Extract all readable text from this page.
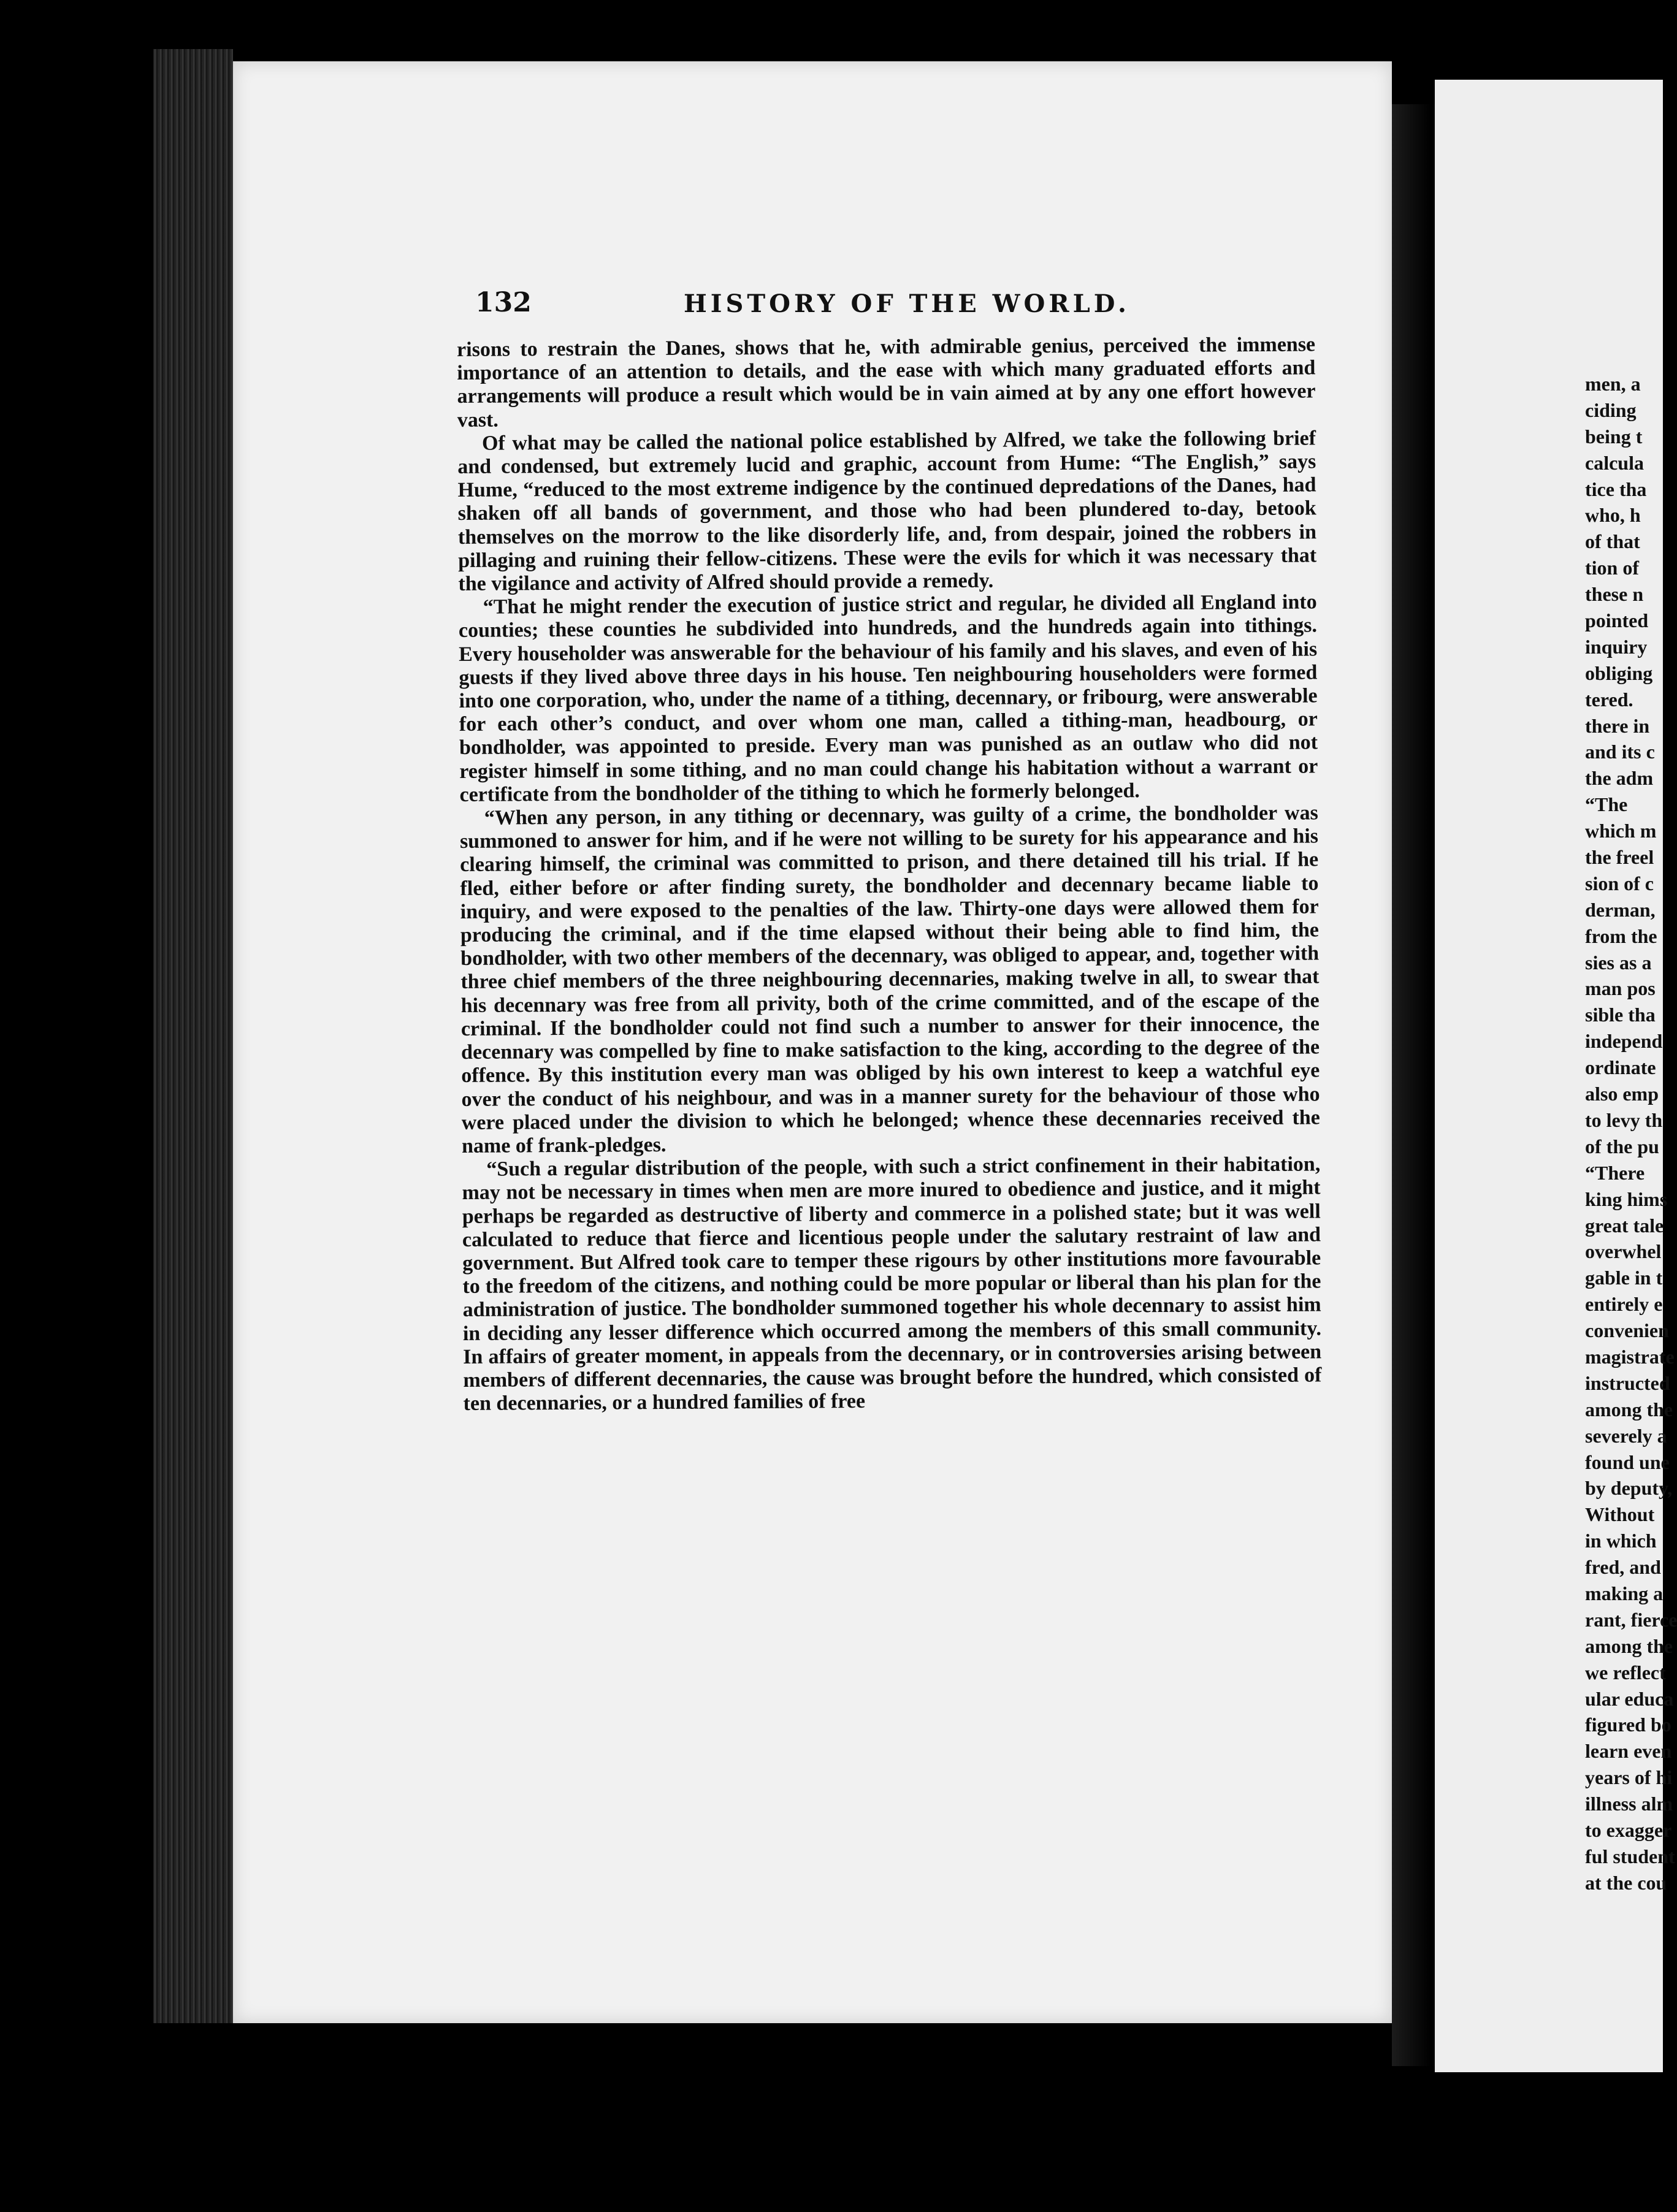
132	HISTORY OF THE WORLD.

risons to restrain the Danes, shows that he, with admirable genius, perceived the immense importance of an attention to details, and the ease with which many graduated efforts and arrangements will produce a result which would be in vain aimed at by any one effort however vast.

Of what may be called the national police established by Alfred, we take the following brief and condensed, but extremely lucid and graphic, account from Hume: “The English,” says Hume, “reduced to the most extreme indigence by the continued depredations of the Danes, had shaken off all bands of government, and those who had been plundered to-day, betook themselves on the morrow to the like disorderly life, and, from despair, joined the robbers in pillaging and ruining their fellow-citizens. These were the evils for which it was necessary that the vigilance and activity of Alfred should provide a remedy.

“That he might render the execution of justice strict and regular, he divided all England into counties; these counties he subdivided into hundreds, and the hundreds again into tithings. Every householder was answerable for the behaviour of his family and his slaves, and even of his guests if they lived above three days in his house. Ten neighbouring householders were formed into one corporation, who, under the name of a tithing, decennary, or fribourg, were answerable for each other’s conduct, and over whom one man, called a tithing-man, headbourg, or bondholder, was appointed to preside. Every man was punished as an outlaw who did not register himself in some tithing, and no man could change his habitation without a warrant or certificate from the bondholder of the tithing to which he formerly belonged.

“When any person, in any tithing or decennary, was guilty of a crime, the bondholder was summoned to answer for him, and if he were not willing to be surety for his appearance and his clearing himself, the criminal was committed to prison, and there detained till his trial. If he fled, either before or after finding surety, the bondholder and decennary became liable to inquiry, and were exposed to the penalties of the law. Thirty-one days were allowed them for producing the criminal, and if the time elapsed without their being able to find him, the bondholder, with two other members of the decennary, was obliged to appear, and, together with three chief members of the three neighbouring decennaries, making twelve in all, to swear that his decennary was free from all privity, both of the crime committed, and of the escape of the criminal. If the bondholder could not find such a number to answer for their innocence, the decennary was compelled by fine to make satisfaction to the king, according to the degree of the offence. By this institution every man was obliged by his own interest to keep a watchful eye over the conduct of his neighbour, and was in a manner surety for the behaviour of those who were placed under the division to which he belonged; whence these decennaries received the name of frank-pledges.

“Such a regular distribution of the people, with such a strict confinement in their habitation, may not be necessary in times when men are more inured to obedience and justice, and it might perhaps be regarded as destructive of liberty and commerce in a polished state; but it was well calculated to reduce that fierce and licentious people under the salutary restraint of law and government. But Alfred took care to temper these rigours by other institutions more favourable to the freedom of the citizens, and nothing could be more popular or liberal than his plan for the administration of justice. The bondholder summoned together his whole decennary to assist him in deciding any lesser difference which occurred among the members of this small community. In affairs of greater moment, in appeals from the decennary, or in controversies arising between members of different decennaries, the cause was brought before the hundred, which consisted of ten decennaries, or a hundred families of free

men, a
ciding
being t
calcula
tice tha
who, h
of that
tion of
these n
pointed
inquiry
obliging
tered.
there in
and its c
the adm
“The
which m
the freel
sion of c
derman,
from the
sies as a
man pos
sible tha
independ
ordinate
also emp
to levy th
of the pu
“There
king hims
great tale
overwhel
gable in t
entirely e
convenien
magistrate
instructed
among the
severely a
found une
by deputy,
Without
in which
fred, and
making a
rant, fierce
among the
we reflect
ular educa
figured bo
learn even
years of hi
illness alm
to exagger
ful student
at the cou
